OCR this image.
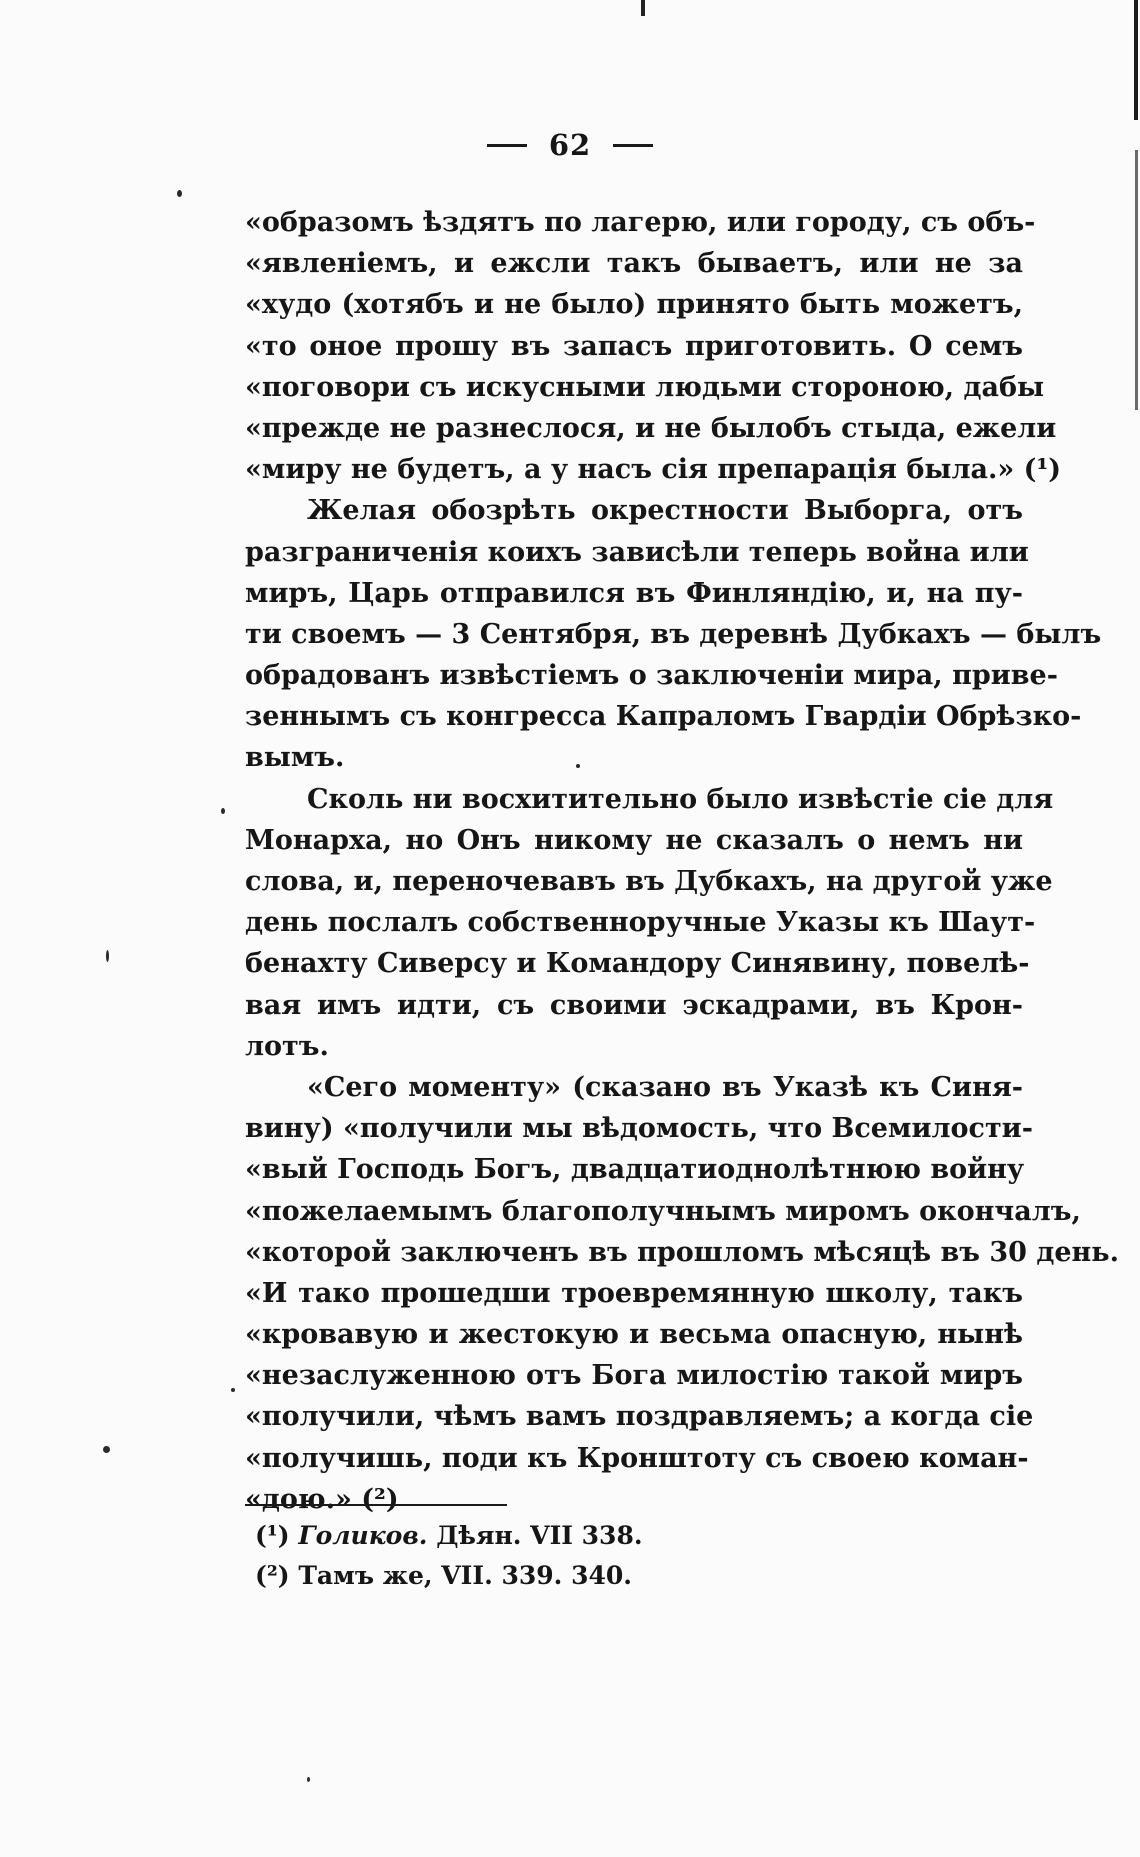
62
«образомъ ѣздятъ по лагерю, или городу, съ объ-
«явленіемъ, и ежсли такъ бываетъ, или не за
«худо (хотябъ и не было) принято быть можетъ,
«то оное прошу въ запасъ приготовить. О семъ
«поговори съ искусными людьми стороною, дабы
«прежде не разнеслося, и не былобъ стыда, ежели
«миру не будетъ, а у насъ сія препарація была.» (¹)
Желая обозрѣть окрестности Выборга, отъ
разграниченія коихъ зависѣли теперь война или
миръ, Царь отправился въ Финляндію, и, на пу-
ти своемъ — 3 Сентября, въ деревнѣ Дубкахъ — былъ
обрадованъ извѣстіемъ о заключеніи мира, приве-
зеннымъ съ конгресса Капраломъ Гвардіи Обрѣзко-
вымъ.
Сколь ни восхитительно было извѣстіе сіе для
Монарха, но Онъ никому не сказалъ о немъ ни
слова, и, переночевавъ въ Дубкахъ, на другой уже
день послалъ собственноручные Указы къ Шаут-
бенахту Сиверсу и Командору Синявину, повелѣ-
вая имъ идти, съ своими эскадрами, въ Крон-
лотъ.
«Сего моменту» (сказано въ Указѣ къ Синя-
вину) «получили мы вѣдомость, что Всемилости-
«вый Господь Богъ, двадцатиоднолѣтнюю войну
«пожелаемымъ благополучнымъ миромъ окончалъ,
«которой заключенъ въ прошломъ мѣсяцѣ въ 30 день.
«И тако прошедши троевремянную школу, такъ
«кровавую и жестокую и весьма опасную, нынѣ
«незаслуженною отъ Бога милостію такой миръ
«получили, чѣмъ вамъ поздравляемъ; а когда сіе
«получишь, поди къ Кронштоту съ своею коман-
«дою.» (²)
(¹) Голиков. Дѣян. VII 338.
(²) Тамъ же, VII. 339. 340.
